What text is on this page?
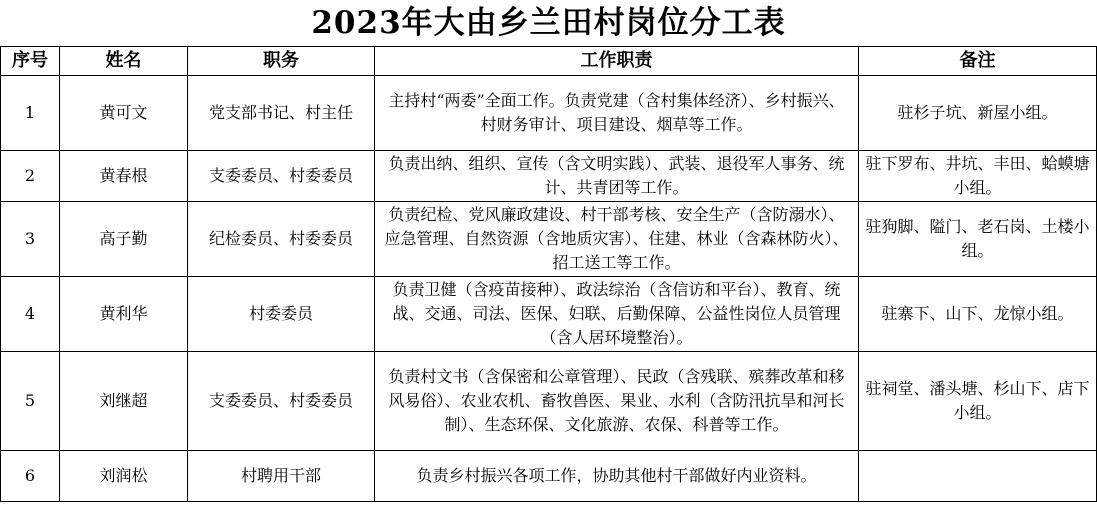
2023年大由乡兰田村岗位分工表
序号	姓名	职务	工作职责	备注
1	黄可文	党支部书记、村主任	主持村“两委”全面工作。负责党建（含村集体经济）、乡村振兴、村财务审计、项目建设、烟草等工作。	驻杉子坑、新屋小组。
2	黄春根	支委委员、村委委员	负责出纳、组织、宣传（含文明实践）、武装、退役军人事务、统计、共青团等工作。	驻下罗布、井坑、丰田、蛤蟆塘小组。
3	高子勤	纪检委员、村委委员	负责纪检、党风廉政建设、村干部考核、安全生产（含防溺水）、应急管理、自然资源（含地质灾害）、住建、林业（含森林防火）、招工送工等工作。	驻狗脚、隘门、老石岗、土楼小组。
4	黄利华	村委委员	负责卫健（含疫苗接种）、政法综治（含信访和平台）、教育、统战、交通、司法、医保、妇联、后勤保障、公益性岗位人员管理（含人居环境整治）。	驻寨下、山下、龙惊小组。
5	刘继超	支委委员、村委委员	负责村文书（含保密和公章管理）、民政（含残联、殡葬改革和移风易俗）、农业农机、畜牧兽医、果业、水利（含防汛抗旱和河长制）、生态环保、文化旅游、农保、科普等工作。	驻祠堂、潘头塘、杉山下、店下小组。
6	刘润松	村聘用干部	负责乡村振兴各项工作，协助其他村干部做好内业资料。	
